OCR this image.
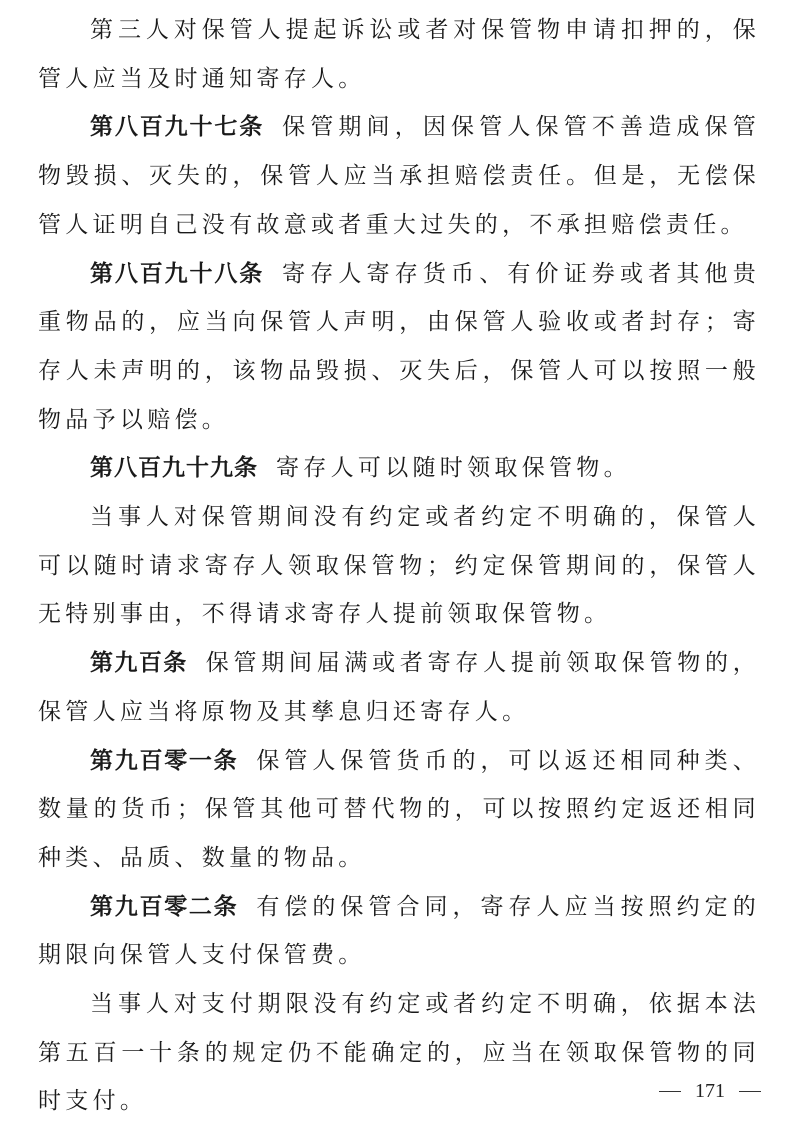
第三人对保管人提起诉讼或者对保管物申请扣押的，保管人应当及时通知寄存人。

第八百九十七条 保管期间，因保管人保管不善造成保管物毁损、灭失的，保管人应当承担赔偿责任。但是，无偿保管人证明自己没有故意或者重大过失的，不承担赔偿责任。

第八百九十八条 寄存人寄存货币、有价证券或者其他贵重物品的，应当向保管人声明，由保管人验收或者封存；寄存人未声明的，该物品毁损、灭失后，保管人可以按照一般物品予以赔偿。

第八百九十九条 寄存人可以随时领取保管物。

当事人对保管期间没有约定或者约定不明确的，保管人可以随时请求寄存人领取保管物；约定保管期间的，保管人无特别事由，不得请求寄存人提前领取保管物。

第九百条 保管期间届满或者寄存人提前领取保管物的，保管人应当将原物及其孳息归还寄存人。

第九百零一条 保管人保管货币的，可以返还相同种类、数量的货币；保管其他可替代物的，可以按照约定返还相同种类、品质、数量的物品。

第九百零二条 有偿的保管合同，寄存人应当按照约定的期限向保管人支付保管费。

当事人对支付期限没有约定或者约定不明确，依据本法第五百一十条的规定仍不能确定的，应当在领取保管物的同时支付。	171
